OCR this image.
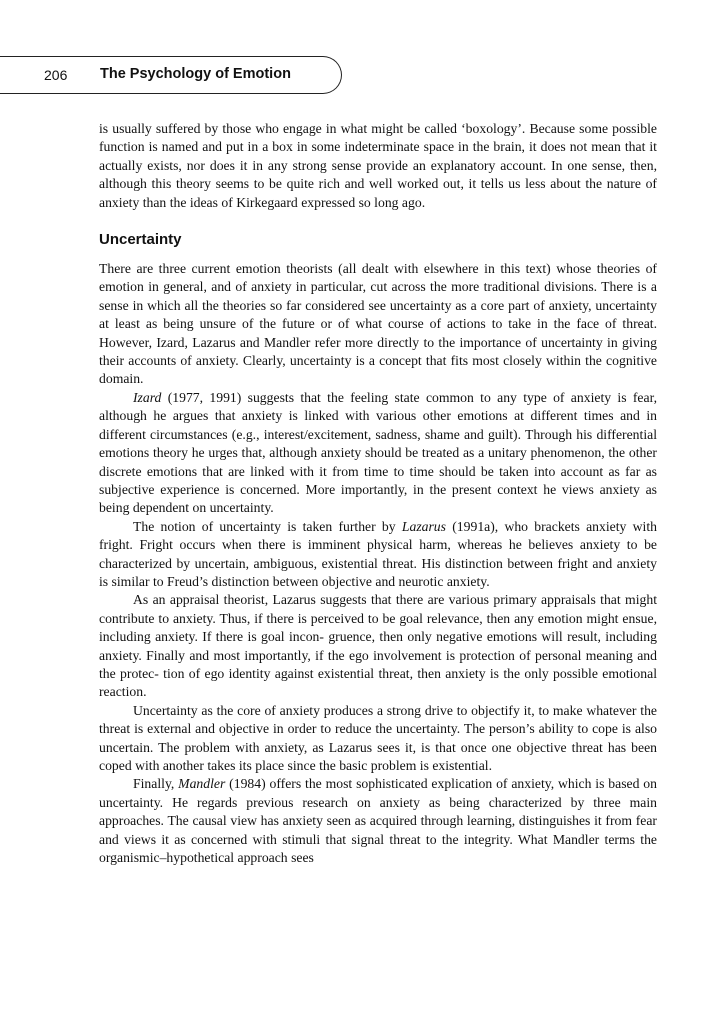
206 The Psychology of Emotion

is usually suffered by those who engage in what might be called ‘boxology’. Because some possible function is named and put in a box in some indeterminate space in the brain, it does not mean that it actually exists, nor does it in any strong sense provide an explanatory account. In one sense, then, although this theory seems to be quite rich and well worked out, it tells us less about the nature of anxiety than the ideas of Kirkegaard expressed so long ago.

Uncertainty

There are three current emotion theorists (all dealt with elsewhere in this text) whose theories of emotion in general, and of anxiety in particular, cut across the more traditional divisions. There is a sense in which all the theories so far considered see uncertainty as a core part of anxiety, uncertainty at least as being unsure of the future or of what course of actions to take in the face of threat. However, Izard, Lazarus and Mandler refer more directly to the importance of uncertainty in giving their accounts of anxiety. Clearly, uncertainty is a concept that fits most closely within the cognitive domain.

Izard (1977, 1991) suggests that the feeling state common to any type of anxiety is fear, although he argues that anxiety is linked with various other emotions at different times and in different circumstances (e.g., interest/excitement, sadness, shame and guilt). Through his differential emotions theory he urges that, although anxiety should be treated as a unitary phenomenon, the other discrete emotions that are linked with it from time to time should be taken into account as far as subjective experience is concerned. More importantly, in the present context he views anxiety as being dependent on uncertainty.

The notion of uncertainty is taken further by Lazarus (1991a), who brackets anxiety with fright. Fright occurs when there is imminent physical harm, whereas he believes anxiety to be characterized by uncertain, ambiguous, existential threat. His distinction between fright and anxiety is similar to Freud’s distinction between objective and neurotic anxiety.

As an appraisal theorist, Lazarus suggests that there are various primary appraisals that might contribute to anxiety. Thus, if there is perceived to be goal relevance, then any emotion might ensue, including anxiety. If there is goal incon- gruence, then only negative emotions will result, including anxiety. Finally and most importantly, if the ego involvement is protection of personal meaning and the protec- tion of ego identity against existential threat, then anxiety is the only possible emotional reaction.

Uncertainty as the core of anxiety produces a strong drive to objectify it, to make whatever the threat is external and objective in order to reduce the uncertainty. The person’s ability to cope is also uncertain. The problem with anxiety, as Lazarus sees it, is that once one objective threat has been coped with another takes its place since the basic problem is existential.

Finally, Mandler (1984) offers the most sophisticated explication of anxiety, which is based on uncertainty. He regards previous research on anxiety as being characterized by three main approaches. The causal view has anxiety seen as acquired through learning, distinguishes it from fear and views it as concerned with stimuli that signal threat to the integrity. What Mandler terms the organismic–hypothetical approach sees
